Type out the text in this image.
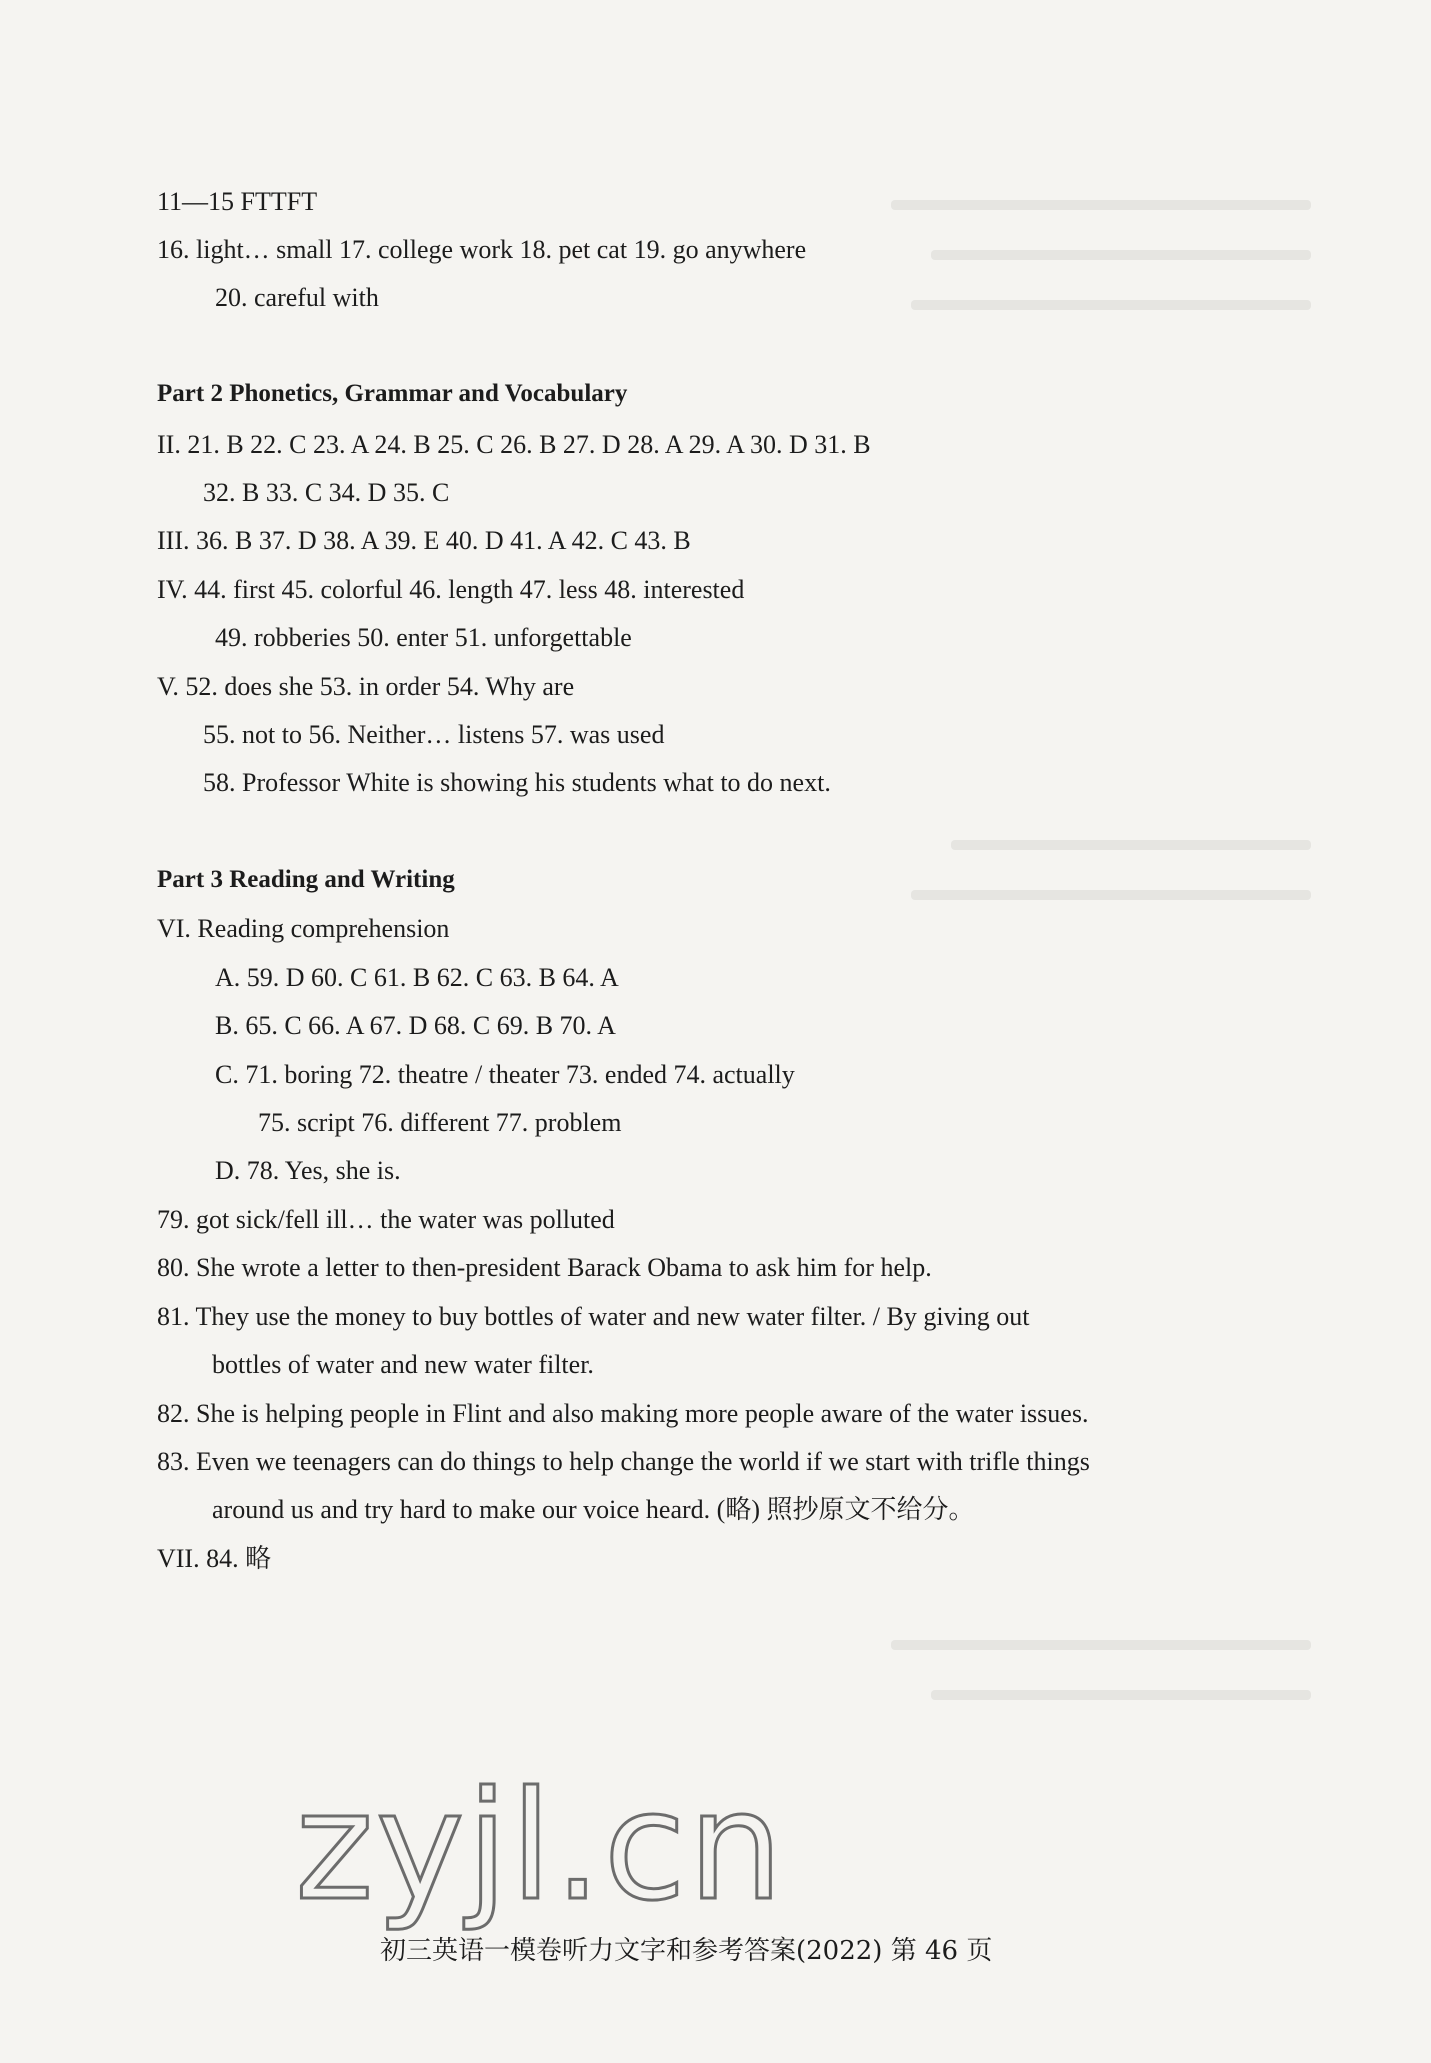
11—15 FTTFT
16. light… small 17. college work 18. pet cat 19. go anywhere
20. careful with
Part 2 Phonetics, Grammar and Vocabulary
II. 21. B 22. C 23. A 24. B 25. C 26. B 27. D 28. A 29. A 30. D 31. B
32. B 33. C 34. D 35. C
III. 36. B 37. D 38. A 39. E 40. D 41. A 42. C 43. B
IV. 44. first 45. colorful 46. length 47. less 48. interested
49. robberies 50. enter 51. unforgettable
V. 52. does she 53. in order 54. Why are
55. not to 56. Neither… listens 57. was used
58. Professor White is showing his students what to do next.
Part 3 Reading and Writing
VI. Reading comprehension
A. 59. D 60. C 61. B 62. C 63. B 64. A
B. 65. C 66. A 67. D 68. C 69. B 70. A
C. 71. boring 72. theatre / theater 73. ended 74. actually
75. script 76. different 77. problem
D. 78. Yes, she is.
79. got sick/fell ill… the water was polluted
80. She wrote a letter to then-president Barack Obama to ask him for help.
81. They use the money to buy bottles of water and new water filter. / By giving out
bottles of water and new water filter.
82. She is helping people in Flint and also making more people aware of the water issues.
83. Even we teenagers can do things to help change the world if we start with trifle things
around us and try hard to make our voice heard. (略) 照抄原文不给分。
VII. 84. 略
zyjl.cn
初三英语一模卷听力文字和参考答案(2022) 第 46 页
